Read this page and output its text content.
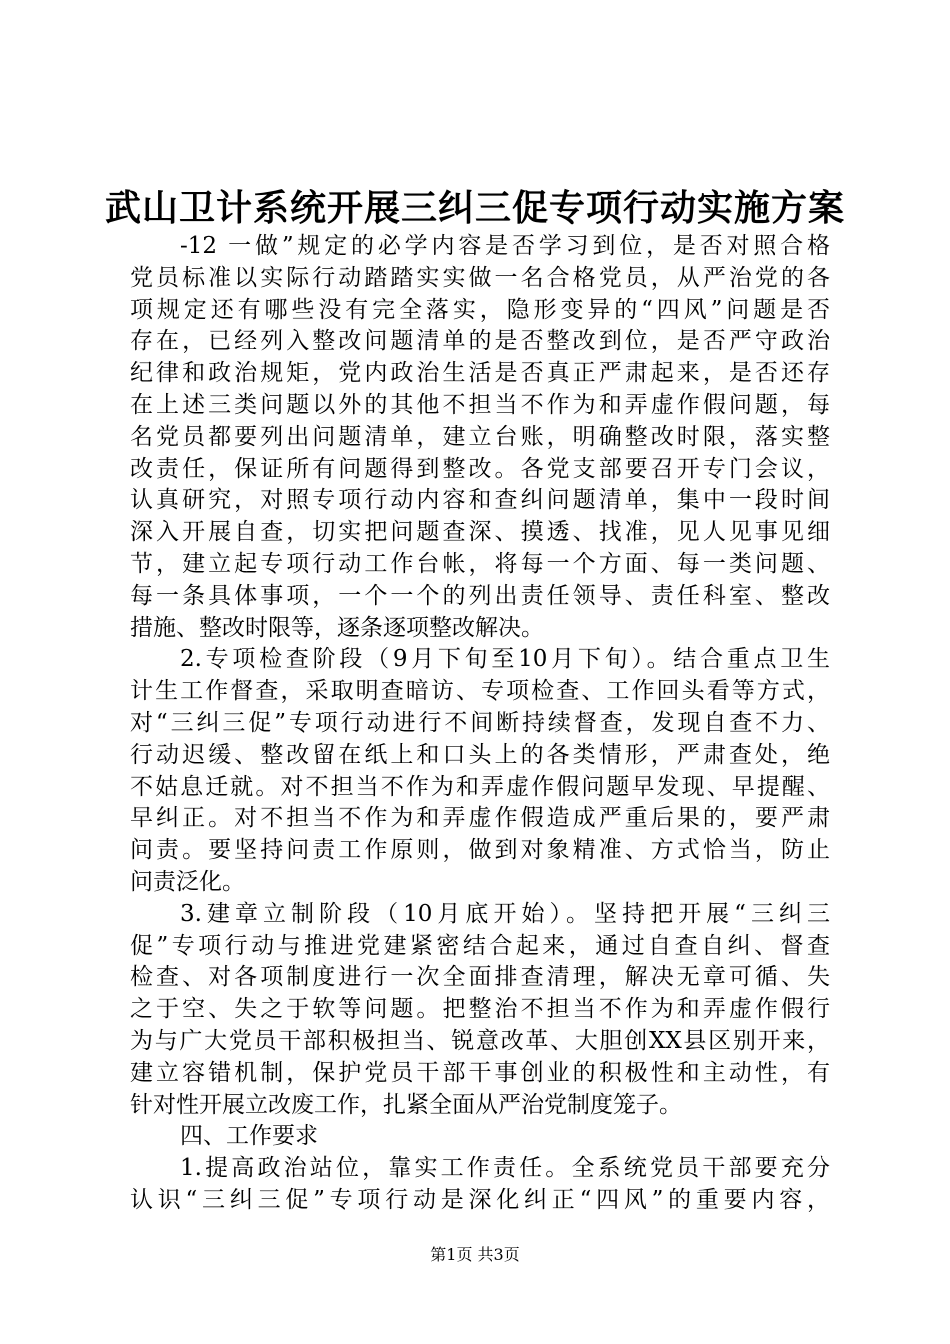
武山卫计系统开展三纠三促专项行动实施方案
-12 一做”规定的必学内容是否学习到位，是否对照合格
党员标准以实际行动踏踏实实做一名合格党员，从严治党的各
项规定还有哪些没有完全落实，隐形变异的“四风”问题是否
存在，已经列入整改问题清单的是否整改到位，是否严守政治
纪律和政治规矩，党内政治生活是否真正严肃起来，是否还存
在上述三类问题以外的其他不担当不作为和弄虚作假问题，每
名党员都要列出问题清单，建立台账，明确整改时限，落实整
改责任，保证所有问题得到整改。各党支部要召开专门会议，
认真研究，对照专项行动内容和查纠问题清单，集中一段时间
深入开展自查，切实把问题查深、摸透、找准，见人见事见细
节，建立起专项行动工作台帐，将每一个方面、每一类问题、
每一条具体事项，一个一个的列出责任领导、责任科室、整改
措施、整改时限等，逐条逐项整改解决。
2.专项检查阶段（9月下旬至10月下旬）。结合重点卫生
计生工作督查，采取明查暗访、专项检查、工作回头看等方式，
对“三纠三促”专项行动进行不间断持续督查，发现自查不力、
行动迟缓、整改留在纸上和口头上的各类情形，严肃查处，绝
不姑息迁就。对不担当不作为和弄虚作假问题早发现、早提醒、
早纠正。对不担当不作为和弄虚作假造成严重后果的，要严肃
问责。要坚持问责工作原则，做到对象精准、方式恰当，防止
问责泛化。
3.建章立制阶段（10月底开始）。坚持把开展“三纠三
促”专项行动与推进党建紧密结合起来，通过自查自纠、督查
检查、对各项制度进行一次全面排查清理，解决无章可循、失
之于空、失之于软等问题。把整治不担当不作为和弄虚作假行
为与广大党员干部积极担当、锐意改革、大胆创XX县区别开来，
建立容错机制，保护党员干部干事创业的积极性和主动性，有
针对性开展立改废工作，扎紧全面从严治党制度笼子。
四、工作要求
1.提高政治站位，靠实工作责任。全系统党员干部要充分
认识“三纠三促”专项行动是深化纠正“四风”的重要内容，
第1页 共3页
